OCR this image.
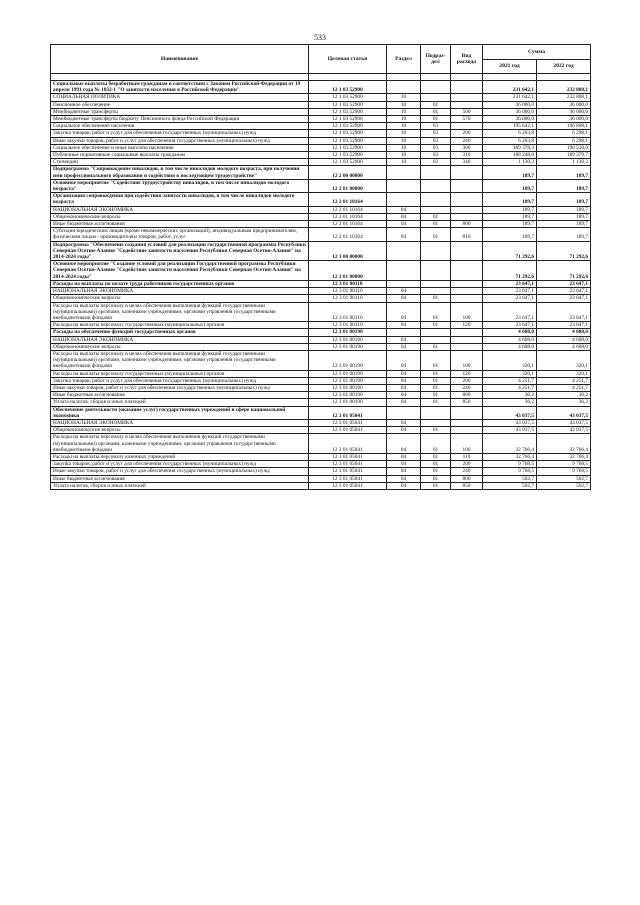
533
Наименование	Целевая статья	Раздел	Подраз-дел	Вид расхода	Сумма	
					2021 год	2022 год

Социальные выплаты безработным гражданам в соответствии с Законом Российской Федерации от 19 апреля 1991 года № 1032-1 "О занятости населения в Российской Федерации"	12 1 03 52900				231 642,1	232 808,1
СОЦИАЛЬНАЯ ПОЛИТИКА	12 1 03 52900	10			231 642,1	232 808,1
Пенсионное обеспечение	12 1 03 52900	10	01		36 000,0	36 000,0
Межбюджетные трансферты	12 1 03 52900	10	01	500	36 000,0	36 000,0
Межбюджетные трансферты бюджету Пенсионного фонда Российской Федерации	12 1 03 52900	10	01	570	36 000,0	36 000,0
Социальное обеспечение населения	12 1 03 52900	10	03		195 642,1	196 808,1
Закупка товаров, работ и услуг для обеспечения государственных (муниципальных) нужд	12 1 03 52900	10	03	200	6 263,8	6 298,1
Иные закупки товаров, работ и услуг для обеспечения государственных (муниципальных) нужд	12 1 03 52900	10	03	240	6 263,8	6 298,1
Социальное обеспечение и иные выплаты населению	12 1 03 52900	10	03	300	189 378,3	190 510,0
Публичные нормативные социальные выплаты гражданам	12 1 03 52900	10	03	310	188 248,0	189 379,7
Стипендии	12 1 03 52900	10	03	340	1 130,3	1 130,3
Подпрограмма "Сопровождение инвалидов, в том числе инвалидов молодого возраста, при получении ими профессионального образования и содействия в последующем трудоустройстве"	12 2 00 00000				189,7	189,7
Основное мероприятие "Содействие трудоустройству инвалидов, в том числе инвалидов молодого возраста"	12 2 01 00000				189,7	189,7
Организация сопровождения при содействии занятости инвалидов, в том числе инвалидов молодого возраста	12 2 01 10164				189,7	189,7
НАЦИОНАЛЬНАЯ ЭКОНОМИКА	12 2 01 10164	04			189,7	189,7
Общеэкономические вопросы	12 2 01 10164	04	01		189,7	189,7
Иные бюджетные ассигнования	12 2 01 10164	04	01	800	189,7	189,7
Субсидии юридическим лицам (кроме некоммерческих организаций), индивидуальным предпринимателям, физическим лицам - производителям товаров, работ, услуг	12 2 01 10164	04	01	810	189,7	189,7
Подпрограмма "Обеспечение создания условий для реализации государственной программы Республики Северная Осетия-Алания "Содействие занятости населения Республики Северная Осетия-Алания" на 2014-2024 годы"	12 3 00 00000				71 292,6	71 292,6
Основное мероприятие "Создание условий для реализации Государственной программы Республики Северная Осетия-Алания "Содействие занятости населения Республики Северная Осетия-Алания" на 2014-2024 годы"	12 3 01 00000				71 292,6	71 292,6
Расходы на выплаты по оплате труда работников государственных органов	12 3 01 00110				23 647,1	23 647,1
НАЦИОНАЛЬНАЯ ЭКОНОМИКА	12 3 01 00110	04			23 647,1	23 647,1
Общеэкономические вопросы	12 3 01 00110	04	01		23 647,1	23 647,1
Расходы на выплаты персоналу в целях обеспечения выполнения функций государственными (муниципальными) органами, казенными учреждениями, органами управления государственными внебюджетными фондами	12 3 01 00110	04	01	100	23 647,1	23 647,1
Расходы на выплаты персоналу государственных (муниципальных) органов	12 3 01 00110	04	01	120	23 647,1	23 647,1
Расходы на обеспечение функций государственных органов	12 3 01 00190				4 608,0	4 608,0
НАЦИОНАЛЬНАЯ ЭКОНОМИКА	12 3 01 00190	04			4 608,0	4 608,0
Общеэкономические вопросы	12 3 01 00190	04	01		4 608,0	4 608,0
Расходы на выплаты персоналу в целях обеспечения выполнения функций государственными (муниципальными) органами, казенными учреждениями, органами управления государственными внебюджетными фондами	12 3 01 00190	04	01	100	320,1	320,1
Расходы на выплаты персоналу государственных (муниципальных) органов	12 3 01 00190	04	01	120	320,1	320,1
Закупка товаров, работ и услуг для обеспечения государственных (муниципальных) нужд	12 3 01 00190	04	01	200	4 251,7	4 251,7
Иные закупки товаров, работ и услуг для обеспечения государственных (муниципальных) нужд	12 3 01 00190	04	01	240	4 251,7	4 251,7
Иные бюджетные ассигнования	12 3 01 00190	04	01	800	36,2	36,2
Уплата налогов, сборов и иных платежей	12 3 01 00190	04	01	850	36,2	36,2
Обеспечение деятельности (оказание услуг) государственных учреждений в сфере национальной экономики	12 3 01 05041				43 037,5	43 037,5
НАЦИОНАЛЬНАЯ ЭКОНОМИКА	12 3 01 05041	04			43 037,5	43 037,5
Общеэкономические вопросы	12 3 01 05041	04	01		43 037,5	43 037,5
Расходы на выплаты персоналу в целях обеспечения выполнения функций государственными (муниципальными) органами, казенными учреждениями, органами управления государственными внебюджетными фондами	12 3 01 05041	04	01	100	32 766,4	32 766,4
Расходы на выплаты персоналу казенных учреждений	12 3 01 05041	04	01	110	32 766,4	32 766,4
Закупка товаров, работ и услуг для обеспечения государственных (муниципальных) нужд	12 3 01 05041	04	01	200	9 768,5	9 768,5
Иные закупки товаров, работ и услуг для обеспечения государственных (муниципальных) нужд	12 3 01 05041	04	01	240	9 768,5	9 768,5
Иные бюджетные ассигнования	12 3 01 05041	04	01	800	502,7	502,7
Уплата налогов, сборов и иных платежей	12 3 01 05041	04	01	850	502,7	502,7
